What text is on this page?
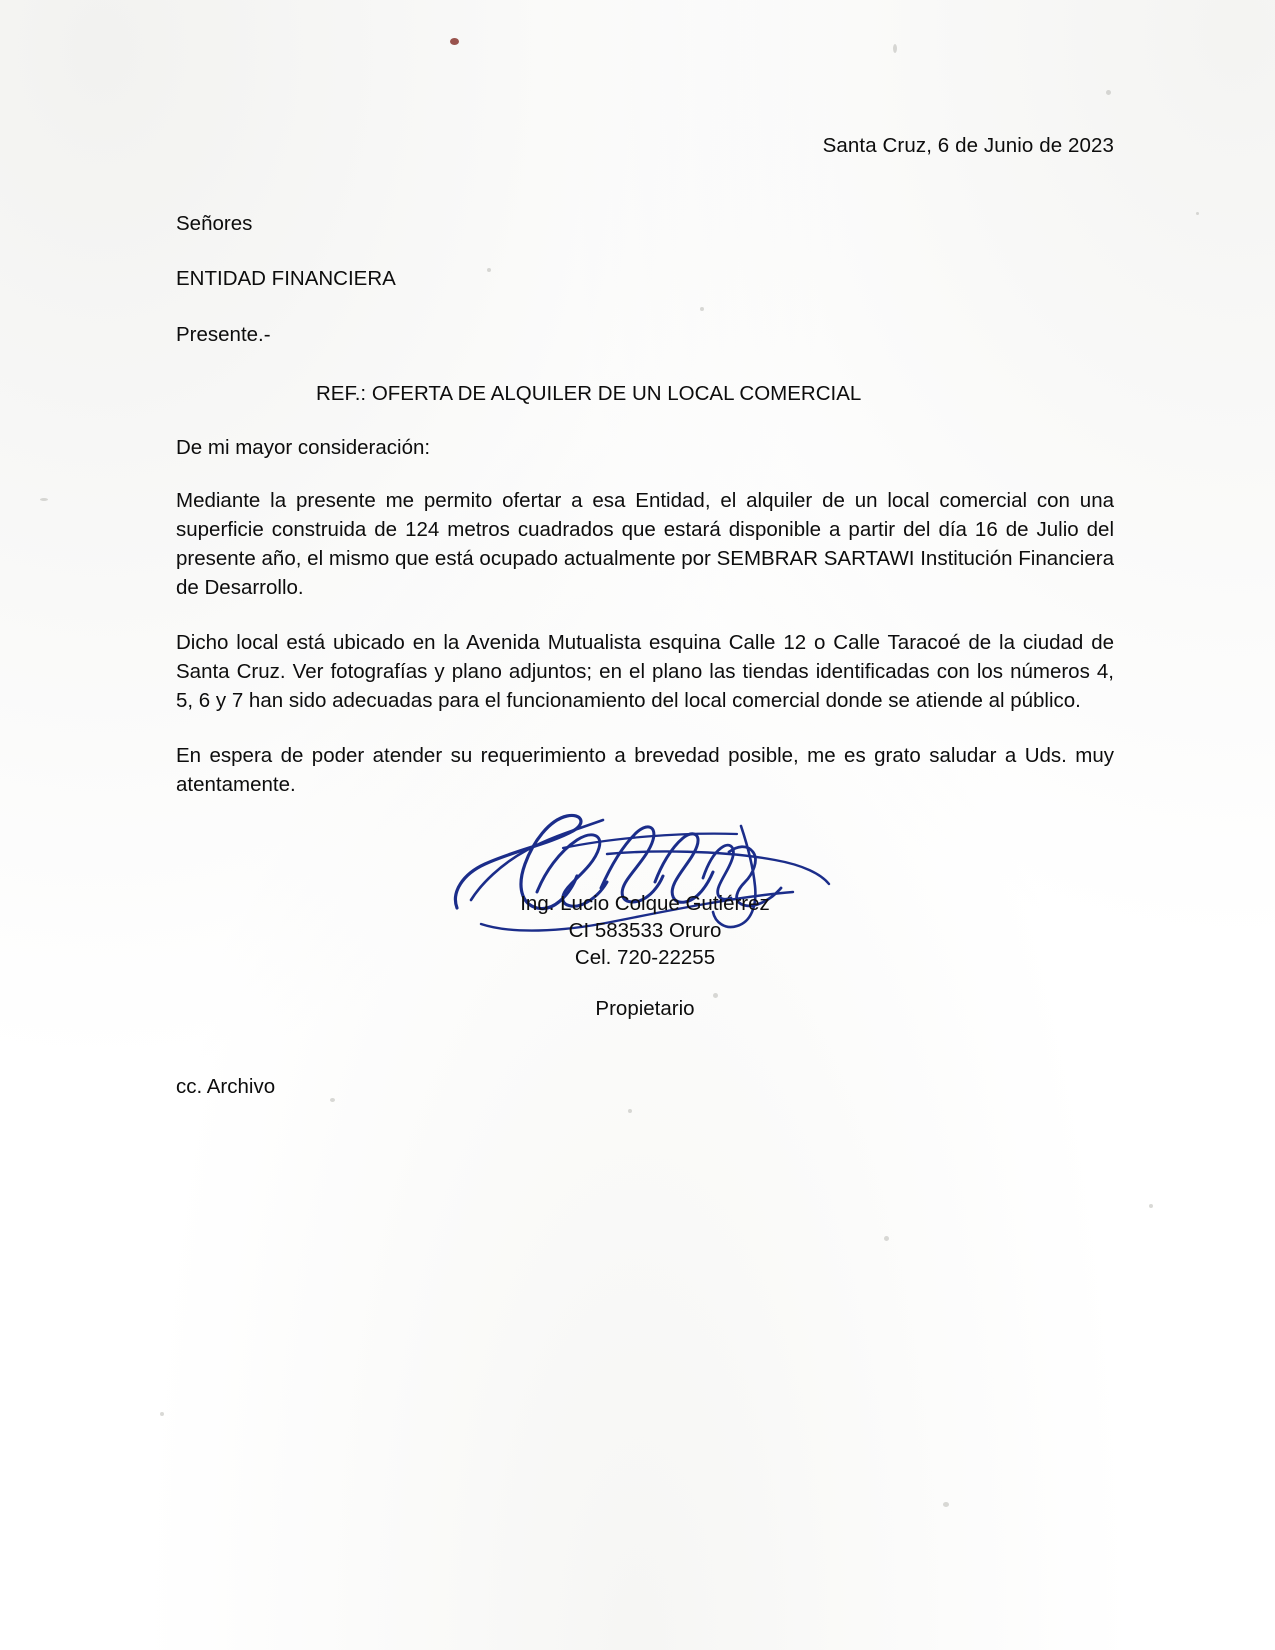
Santa Cruz, 6 de Junio de 2023
Señores
ENTIDAD FINANCIERA
Presente.-
REF.: OFERTA DE ALQUILER DE UN LOCAL COMERCIAL
De mi mayor consideración:
Mediante la presente me permito ofertar a esa Entidad, el alquiler de un local comercial con una superficie construida de 124 metros cuadrados que estará disponible a partir del día 16 de Julio del presente año, el mismo que está ocupado actualmente por SEMBRAR SARTAWI Institución Financiera de Desarrollo.
Dicho local está ubicado en la Avenida Mutualista esquina Calle 12 o Calle Taracoé de la ciudad de Santa Cruz. Ver fotografías y plano adjuntos; en el plano las tiendas identificadas con los números 4, 5, 6 y 7 han sido adecuadas para el funcionamiento del local comercial donde se atiende al público.
En espera de poder atender su requerimiento a brevedad posible, me es grato saludar a Uds. muy atentamente.
Ing. Lucio Colque Gutiérrez
CI 583533 Oruro
Cel. 720-22255
Propietario
cc. Archivo
